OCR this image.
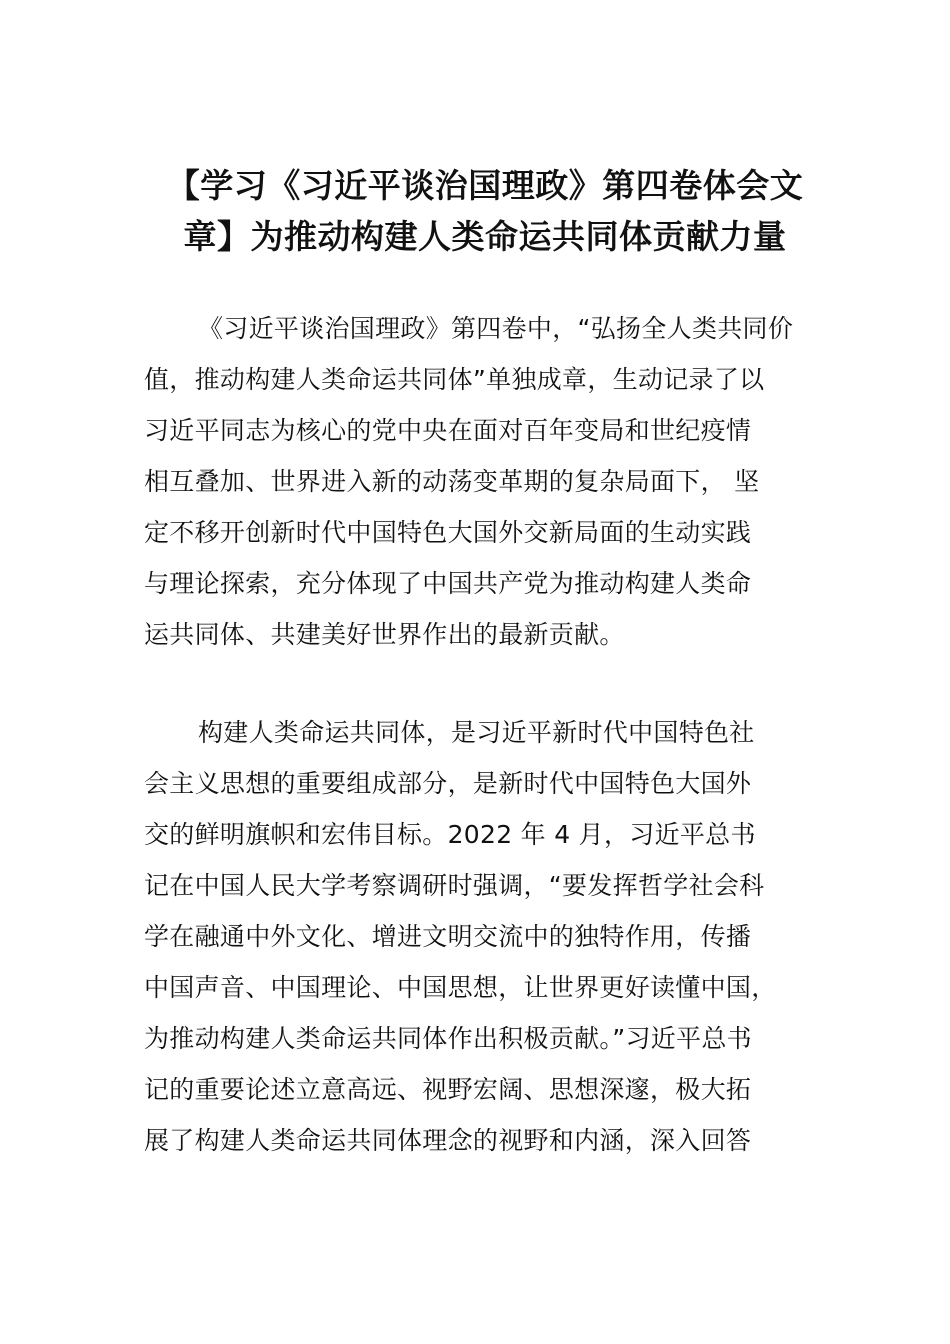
【学习《习近平谈治国理政》第四卷体会文
章】为推动构建人类命运共同体贡献力量

《习近平谈治国理政》第四卷中，“弘扬全人类共同价
值，推动构建人类命运共同体”单独成章，生动记录了以
习近平同志为核心的党中央在面对百年变局和世纪疫情
相互叠加、世界进入新的动荡变革期的复杂局面下， 坚
定不移开创新时代中国特色大国外交新局面的生动实践
与理论探索，充分体现了中国共产党为推动构建人类命
运共同体、共建美好世界作出的最新贡献。

构建人类命运共同体，是习近平新时代中国特色社
会主义思想的重要组成部分，是新时代中国特色大国外
交的鲜明旗帜和宏伟目标。2022 年 4 月，习近平总书
记在中国人民大学考察调研时强调，“要发挥哲学社会科
学在融通中外文化、增进文明交流中的独特作用，传播
中国声音、中国理论、中国思想，让世界更好读懂中国，
为推动构建人类命运共同体作出积极贡献。”习近平总书
记的重要论述立意高远、视野宏阔、思想深邃，极大拓
展了构建人类命运共同体理念的视野和内涵，深入回答
